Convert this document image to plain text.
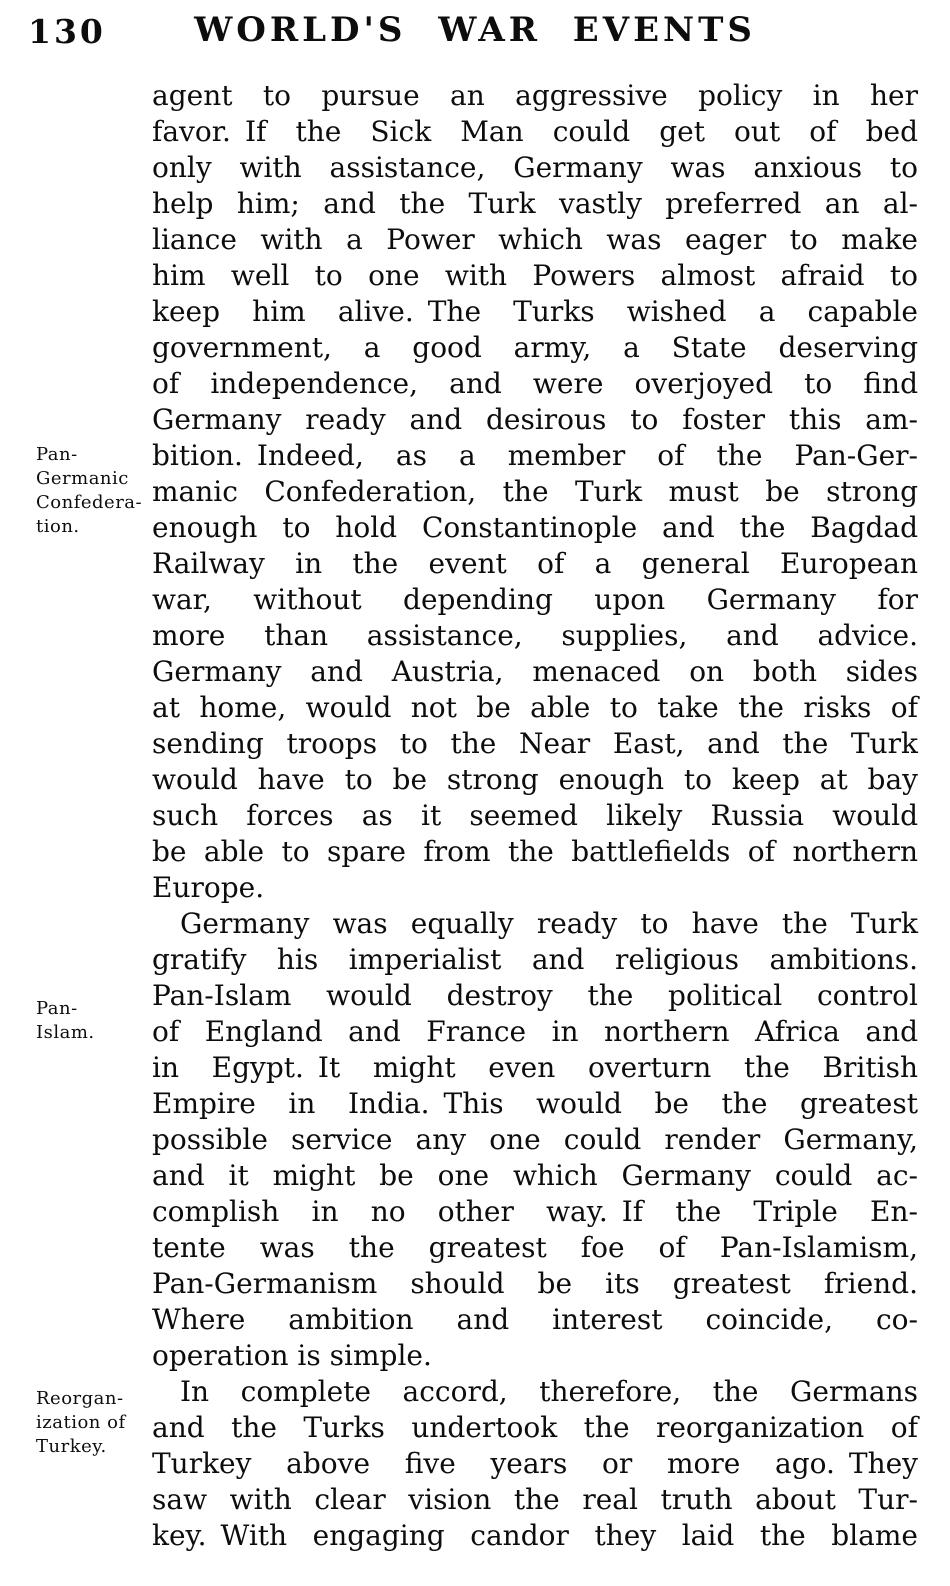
130	WORLD'S WAR EVENTS
Pan-
Germanic
Confedera-
tion.
Pan-
Islam.
Reorgan-
ization of
Turkey.
agent to pursue an aggressive policy in her
favor. If the Sick Man could get out of bed
only with assistance, Germany was anxious to
help him; and the Turk vastly preferred an al-
liance with a Power which was eager to make
him well to one with Powers almost afraid to
keep him alive. The Turks wished a capable
government, a good army, a State deserving
of independence, and were overjoyed to find
Germany ready and desirous to foster this am-
bition. Indeed, as a member of the Pan-Ger-
manic Confederation, the Turk must be strong
enough to hold Constantinople and the Bagdad
Railway in the event of a general European
war, without depending upon Germany for
more than assistance, supplies, and advice.
Germany and Austria, menaced on both sides
at home, would not be able to take the risks of
sending troops to the Near East, and the Turk
would have to be strong enough to keep at bay
such forces as it seemed likely Russia would
be able to spare from the battlefields of northern
Europe.
Germany was equally ready to have the Turk
gratify his imperialist and religious ambitions.
Pan-Islam would destroy the political control
of England and France in northern Africa and
in Egypt. It might even overturn the British
Empire in India. This would be the greatest
possible service any one could render Germany,
and it might be one which Germany could ac-
complish in no other way. If the Triple En-
tente was the greatest foe of Pan-Islamism,
Pan-Germanism should be its greatest friend.
Where ambition and interest coincide, co-
operation is simple.
In complete accord, therefore, the Germans
and the Turks undertook the reorganization of
Turkey above five years or more ago. They
saw with clear vision the real truth about Tur-
key. With engaging candor they laid the blame
